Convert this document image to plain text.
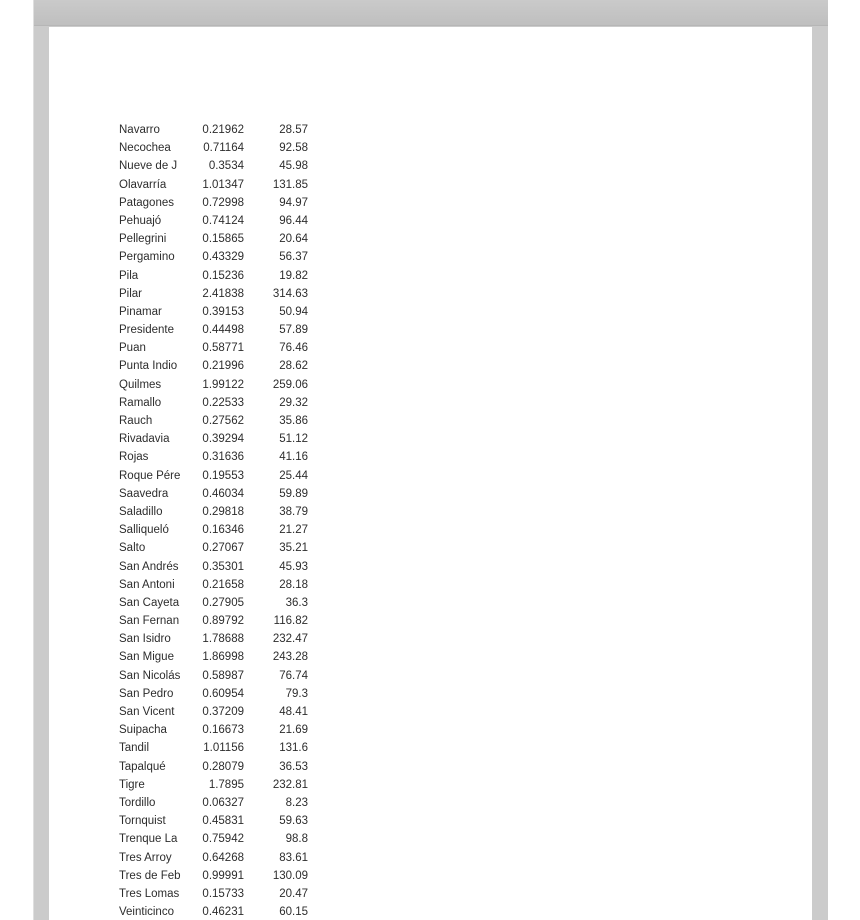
Navarro	0.21962	28.57
Necochea	0.71164	92.58
Nueve de J	0.3534	45.98
Olavarría	1.01347	131.85
Patagones	0.72998	94.97
Pehuajó	0.74124	96.44
Pellegrini	0.15865	20.64
Pergamino	0.43329	56.37
Pila	0.15236	19.82
Pilar	2.41838	314.63
Pinamar	0.39153	50.94
Presidente	0.44498	57.89
Puan	0.58771	76.46
Punta Indio	0.21996	28.62
Quilmes	1.99122	259.06
Ramallo	0.22533	29.32
Rauch	0.27562	35.86
Rivadavia	0.39294	51.12
Rojas	0.31636	41.16
Roque Pére	0.19553	25.44
Saavedra	0.46034	59.89
Saladillo	0.29818	38.79
Salliqueló	0.16346	21.27
Salto	0.27067	35.21
San Andrés	0.35301	45.93
San Antoni	0.21658	28.18
San Cayeta	0.27905	36.3
San Fernan	0.89792	116.82
San Isidro	1.78688	232.47
San Migue	1.86998	243.28
San Nicolás	0.58987	76.74
San Pedro	0.60954	79.3
San Vicent	0.37209	48.41
Suipacha	0.16673	21.69
Tandil	1.01156	131.6
Tapalqué	0.28079	36.53
Tigre	1.7895	232.81
Tordillo	0.06327	8.23
Tornquist	0.45831	59.63
Trenque La	0.75942	98.8
Tres Arroy	0.64268	83.61
Tres de Feb	0.99991	130.09
Tres Lomas	0.15733	20.47
Veinticinco	0.46231	60.15
